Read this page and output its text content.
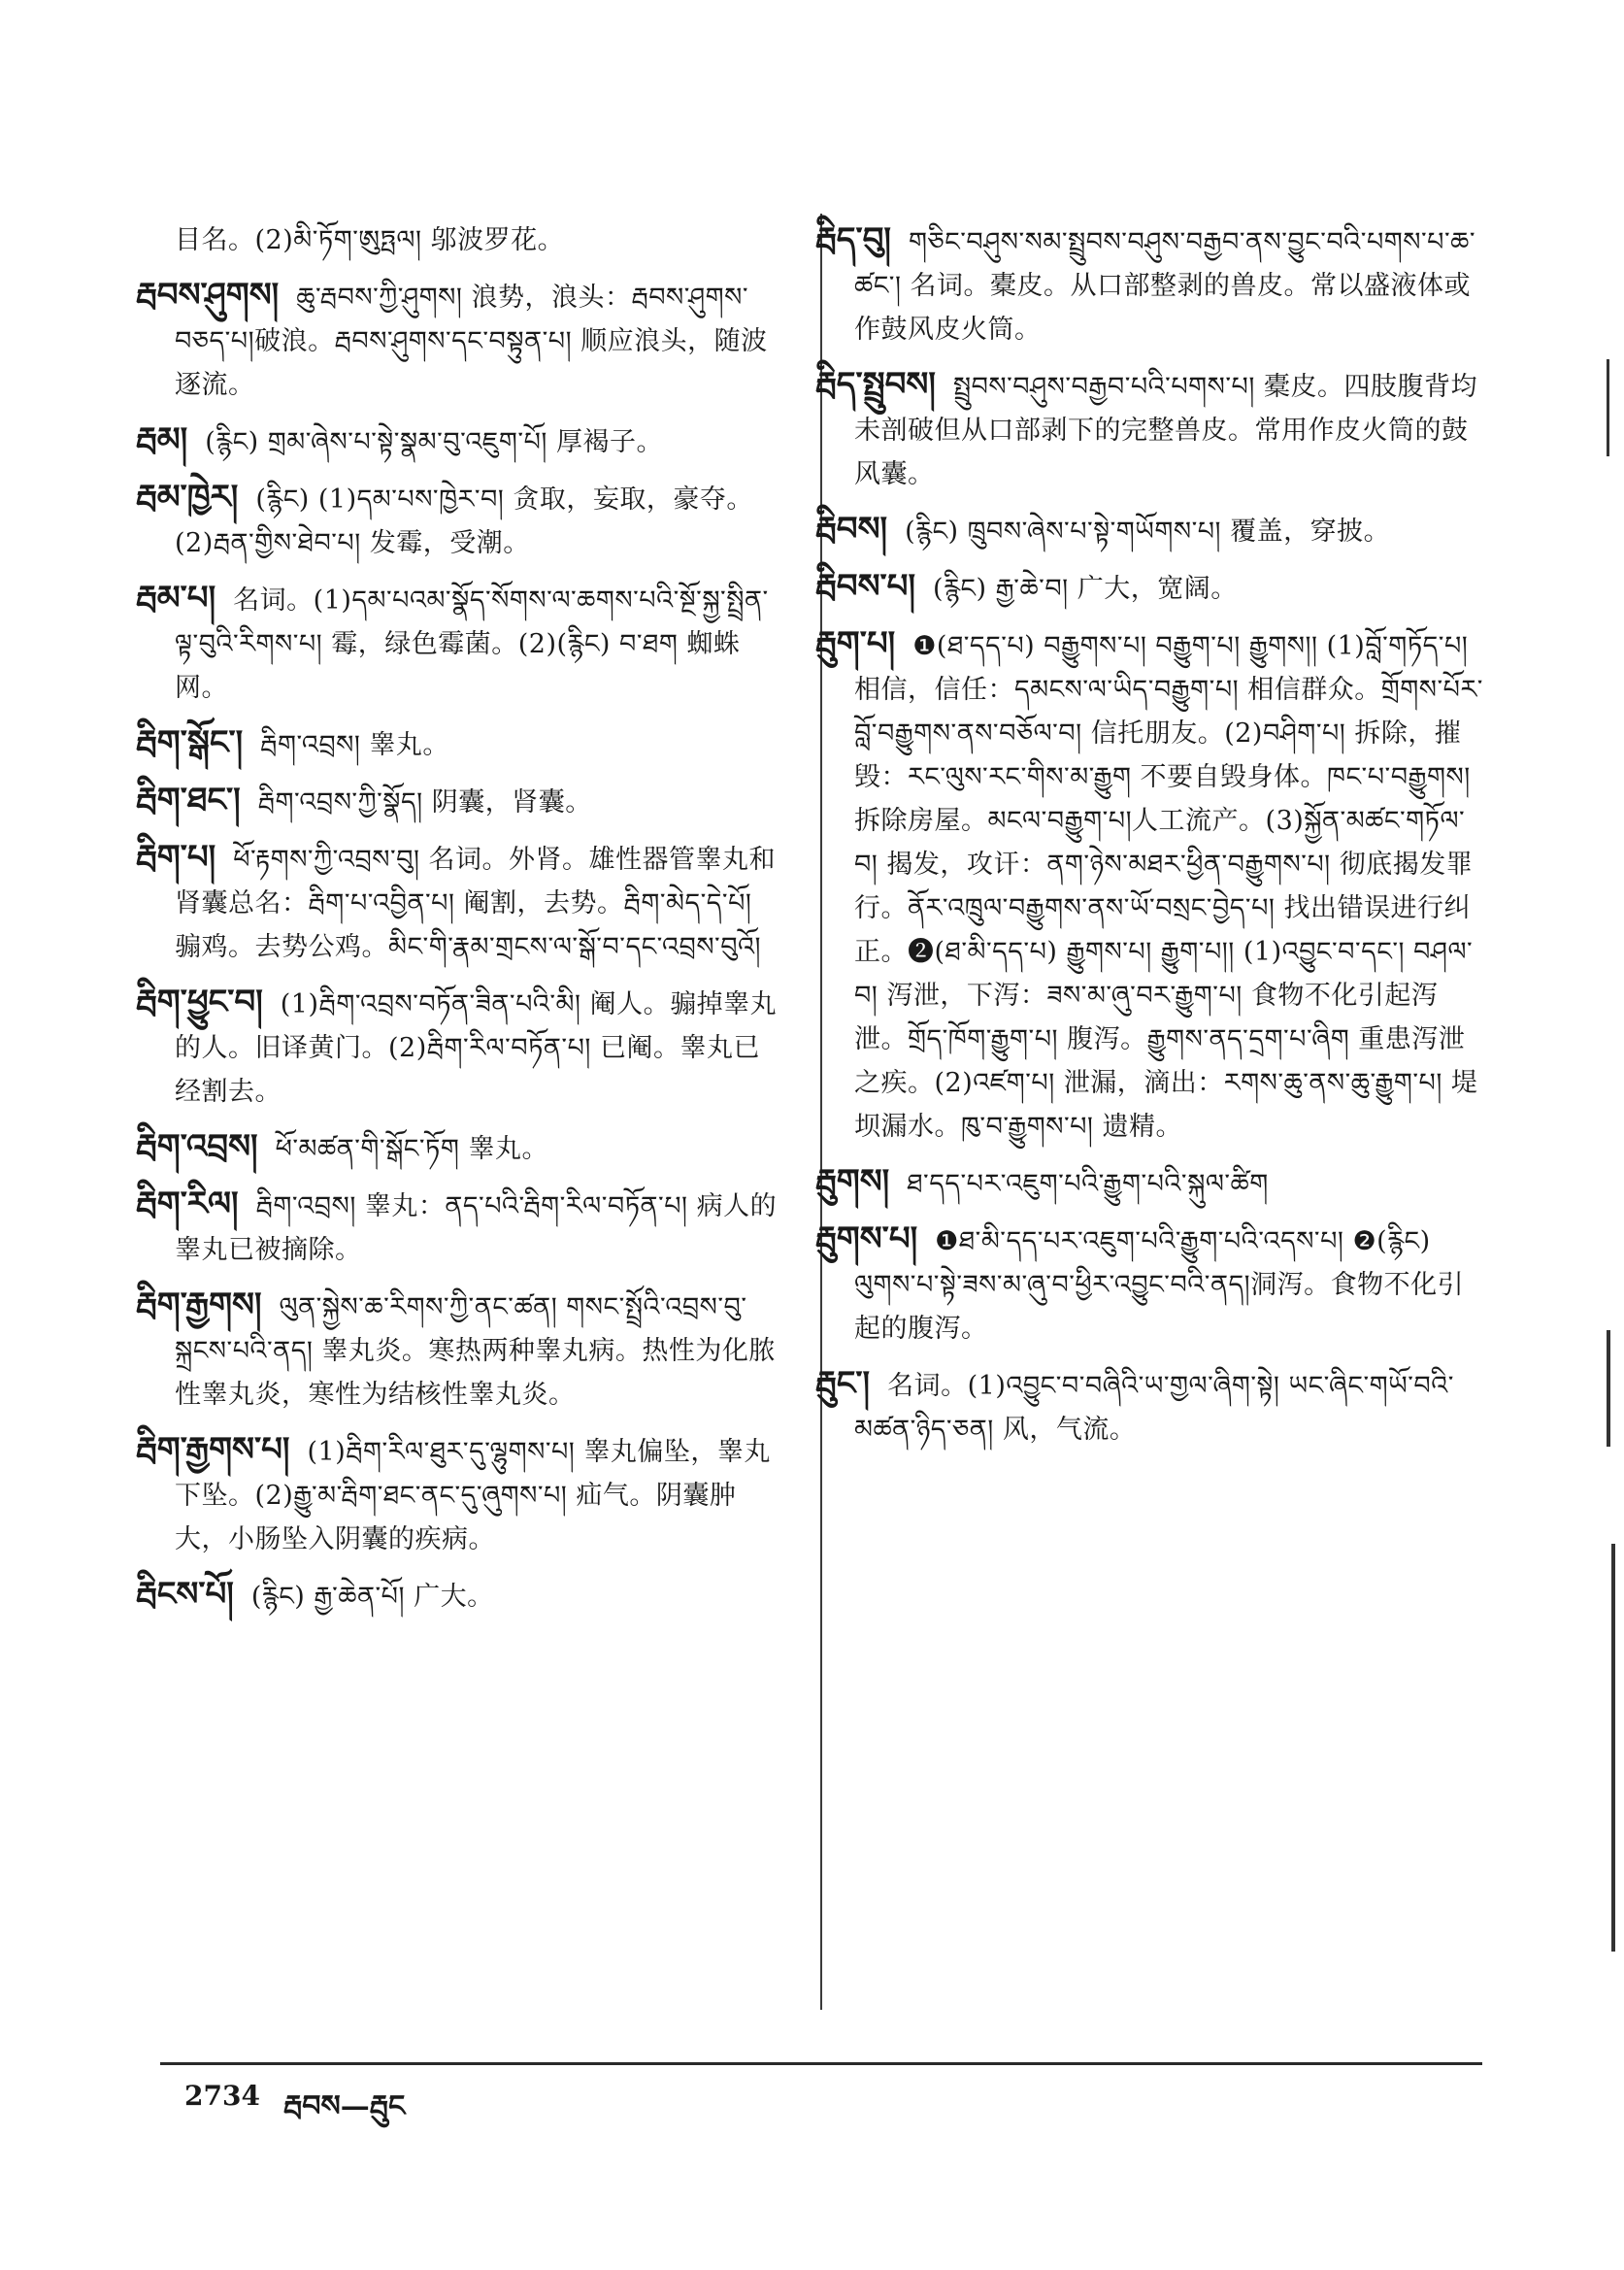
目名。(2)མི་ཏོག་ཨུཏྤལ། 邬波罗花。

རྦབས་ཤུགས། ཆུ་རྦབས་ཀྱི་ཤུགས། 浪势，浪头：རྦབས་ཤུགས་བཅད་པ།破浪。རྦབས་ཤུགས་དང་བསྟུན་པ། 顺应浪头，随波逐流。

རྦམ། (རྙིང) གྲམ་ཞེས་པ་སྟེ་སྣམ་བུ་འཇུག་པོ། 厚褐子。

རྦམ་ཁྱེར། (རྙིང) (1)དམ་པས་ཁྱེར་བ། 贪取，妄取，豪夺。(2)རྦན་གྱིས་ཐེབ་པ། 发霉，受潮。

རྦམ་པ། 名词。(1)དམ་པའམ་སྣོད་སོགས་ལ་ཆགས་པའི་སྔོ་སྐྱ་སྤྲིན་ལྟ་བུའི་རིགས་པ། 霉，绿色霉菌。(2)(རྙིང) བ་ཐག 蜘蛛网。

རྦིག་སྒོང་། རྦིག་འབྲས། 睾丸。

རྦིག་ཐང་། རྦིག་འབྲས་ཀྱི་སྣོད། 阴囊，肾囊。

རྦིག་པ། ཕོ་རྟགས་ཀྱི་འབྲས་བུ། 名词。外肾。雄性器管睾丸和肾囊总名：རྦིག་པ་འབྱིན་པ། 阉割，去势。རྦིག་མེད་དེ་པོ། 骟鸡。去势公鸡。མིང་གི་རྣམ་གྲངས་ལ་སྒོ་བ་དང་འབྲས་བུའོ།

རྦིག་ཕྱུང་བ། (1)རྦིག་འབྲས་བཏོན་ཟིན་པའི་མི། 阉人。骟掉睾丸的人。旧译黄门。(2)རྦིག་རིལ་བཏོན་པ། 已阉。睾丸已经割去。

རྦིག་འབྲས། ཕོ་མཚན་གི་སྒོང་ཏོག 睾丸。

རྦིག་རིལ། རྦིག་འབྲས། 睾丸：ནད་པའི་རྦིག་རིལ་བཏོན་པ། 病人的睾丸已被摘除。

རྦིག་རྒྱགས། ལུན་སྐྱེས་ཆ་རིགས་ཀྱི་ནང་ཚན། གསང་སྤྲོའི་འབྲས་བུ་སྐྲངས་པའི་ནད། 睾丸炎。寒热两种睾丸病。热性为化脓性睾丸炎，寒性为结核性睾丸炎。

རྦིག་རྒྱགས་པ། (1)རྦིག་རིལ་ཐུར་དུ་ལྷུགས་པ། 睾丸偏坠，睾丸下坠。(2)རྒྱུ་མ་རྦིག་ཐང་ནང་དུ་ཞུགས་པ། 疝气。阴囊肿大，小肠坠入阴囊的疾病。

རྦིངས་པོ། (རྙིང) རྒྱ་ཆེན་པོ། 广大。

རྦིད་བུ། གཅིང་བཤུས་སམ་སྤྲུབས་བཤུས་བརྒྱབ་ནས་བྱུང་བའི་པགས་པ་ཆ་ཚང་། 名词。橐皮。从口部整剥的兽皮。常以盛液体或作鼓风皮火筒。

རྦིད་སྤྲུབས། སྤྲུབས་བཤུས་བརྒྱབ་པའི་པགས་པ། 橐皮。四肢腹背均未剖破但从口部剥下的完整兽皮。常用作皮火筒的鼓风囊。

རྦིབས། (རྙིང) ཁྲུབས་ཞེས་པ་སྟེ་གཡོགས་པ། 覆盖，穿披。

རྦིབས་པ། (རྙིང) རྒྱ་ཆེ་བ། 广大，宽阔。

རྦུག་པ། ❶(ཐ་དད་པ) བརྒྱུགས་པ། བརྒྱུག་པ། རྒྱུགས།། (1)བློ་གཏོད་པ། 相信，信任：དམངས་ལ་ཡིད་བརྒྱུག་པ། 相信群众。གྲོགས་པོར་བློ་བརྒྱུགས་ནས་བཅོལ་བ། 信托朋友。(2)བཤིག་པ། 拆除，摧毁：རང་ལུས་རང་གིས་མ་རྒྱུག 不要自毁身体。ཁང་པ་བརྒྱུགས། 拆除房屋。མངལ་བརྒྱུག་པ།人工流产。(3)སྐྱོན་མཚང་གཏོལ་བ། 揭发，攻讦：ནག་ཉེས་མཐར་ཕྱིན་བརྒྱུགས་པ། 彻底揭发罪行。ནོར་འཁྲུལ་བརྒྱུགས་ནས་ཡོ་བསྲང་བྱེད་པ། 找出错误进行纠正。❷(ཐ་མི་དད་པ) རྒྱུགས་པ། རྒྱུག་པ།། (1)འབྱུང་བ་དང་། བཤལ་བ། 泻泄，下泻：ཟས་མ་ཞུ་བར་རྒྱུག་པ། 食物不化引起泻泄。གྲོད་ཁོག་རྒྱུག་པ། 腹泻。རྒྱུགས་ནད་དྲག་པ་ཞིག 重患泻泄之疾。(2)འཛག་པ། 泄漏，滴出：རགས་ཆུ་ནས་ཆུ་རྒྱུག་པ། 堤坝漏水。ཁུ་བ་རྒྱུགས་པ། 遗精。

རྦུགས། ཐ་དད་པར་འཇུག་པའི་རྒྱུག་པའི་སྐུལ་ཚིག

རྦུགས་པ། ❶ཐ་མི་དད་པར་འཇུག་པའི་རྒྱུག་པའི་འདས་པ། ❷(རྙིང) ལུགས་པ་སྟེ་ཟས་མ་ཞུ་བ་ཕྱིར་འབྱུང་བའི་ནད།洞泻。食物不化引起的腹泻。

རྦུང་། 名词。(1)འབྱུང་བ་བཞིའི་ཡ་གྱལ་ཞིག་སྟེ། ཡང་ཞིང་གཡོ་བའི་མཚན་ཉིད་ཅན། 风，气流。

2734 རྦབས—རྦུང
